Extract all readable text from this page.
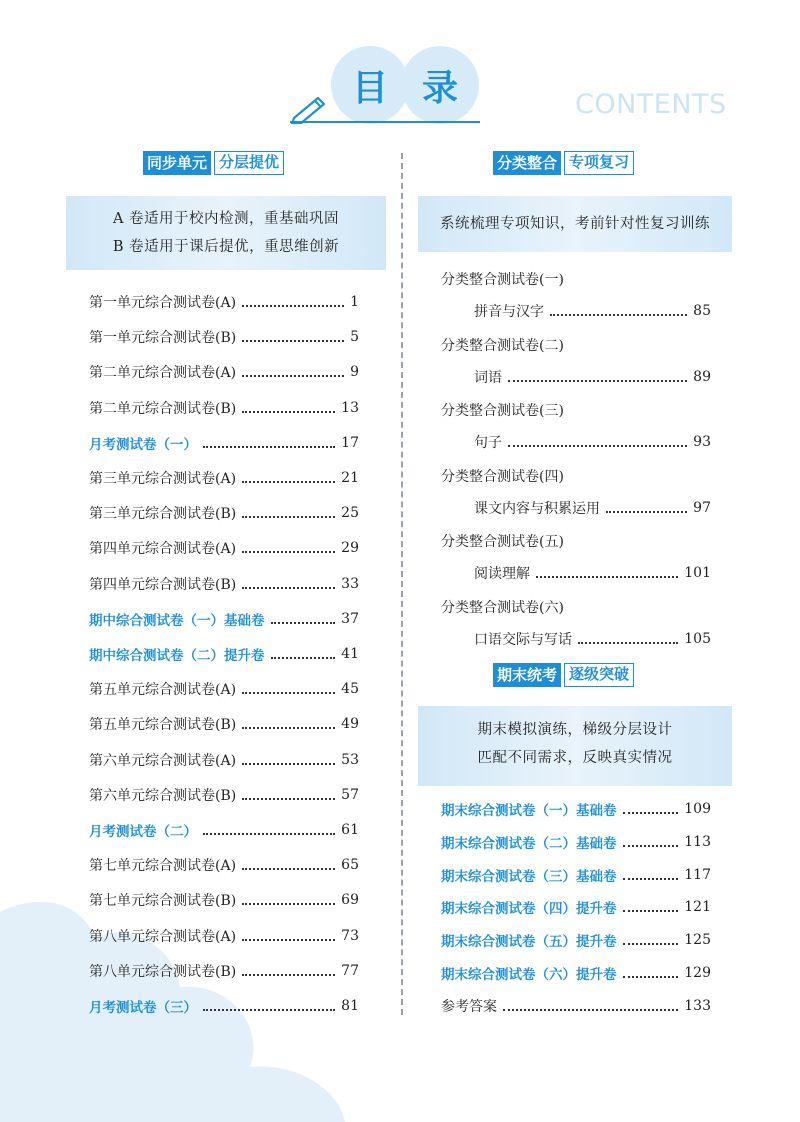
目 录	CONTENTS
同步单元 分层提优
A 卷适用于校内检测，重基础巩固
B 卷适用于课后提优，重思维创新
分类整合 专项复习
系统梳理专项知识，考前针对性复习训练
期末统考 逐级突破
期末模拟演练，梯级分层设计
匹配不同需求，反映真实情况
第一单元综合测试卷(A)	1
第一单元综合测试卷(B)	5
第二单元综合测试卷(A)	9
第二单元综合测试卷(B)	13
月考测试卷（一）	17
第三单元综合测试卷(A)	21
第三单元综合测试卷(B)	25
第四单元综合测试卷(A)	29
第四单元综合测试卷(B)	33
期中综合测试卷（一）基础卷	37
期中综合测试卷（二）提升卷	41
第五单元综合测试卷(A)	45
第五单元综合测试卷(B)	49
第六单元综合测试卷(A)	53
第六单元综合测试卷(B)	57
月考测试卷（二）	61
第七单元综合测试卷(A)	65
第七单元综合测试卷(B)	69
第八单元综合测试卷(A)	73
第八单元综合测试卷(B)	77
月考测试卷（三）	81
分类整合测试卷(一)
拼音与汉字	85
分类整合测试卷(二)
词语	89
分类整合测试卷(三)
句子	93
分类整合测试卷(四)
课文内容与积累运用	97
分类整合测试卷(五)
阅读理解	101
分类整合测试卷(六)
口语交际与写话	105
期末综合测试卷（一）基础卷	109
期末综合测试卷（二）基础卷	113
期末综合测试卷（三）基础卷	117
期末综合测试卷（四）提升卷	121
期末综合测试卷（五）提升卷	125
期末综合测试卷（六）提升卷	129
参考答案	133
